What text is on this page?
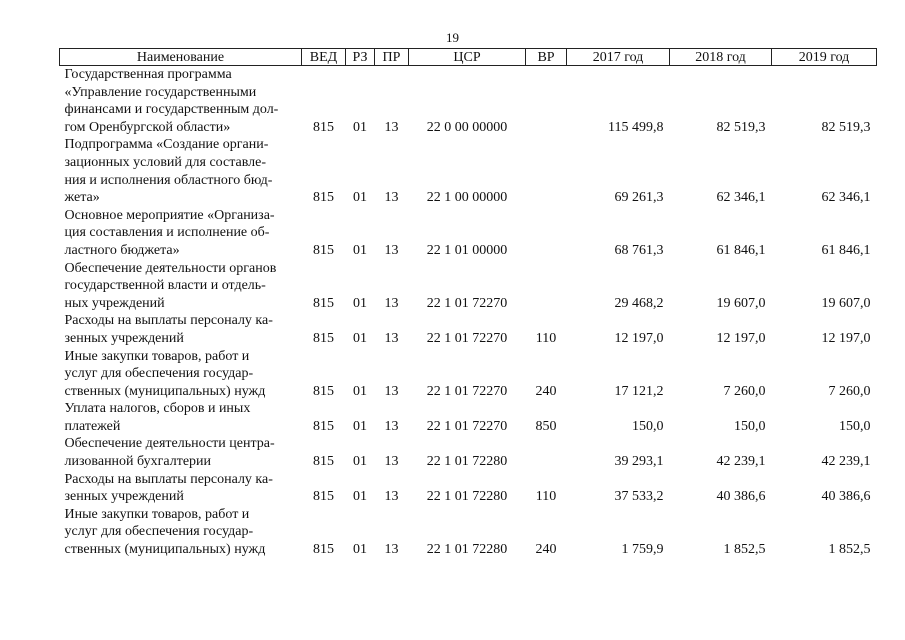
19
Наименование	ВЕД	РЗ	ПР	ЦСР	ВР	2017 год	2018 год	2019 год
Государственная программа
«Управление государственными
финансами и государственным дол-
гом Оренбургской области»	815	01	13	22 0 00 00000		115 499,8	82 519,3	82 519,3
Подпрограмма «Создание органи-
зационных условий для составле-
ния и исполнения областного бюд-
жета»	815	01	13	22 1 00 00000		69 261,3	62 346,1	62 346,1
Основное мероприятие «Организа-
ция составления и исполнение об-
ластного бюджета»	815	01	13	22 1 01 00000		68 761,3	61 846,1	61 846,1
Обеспечение деятельности органов
государственной власти и отдель-
ных учреждений	815	01	13	22 1 01 72270		29 468,2	19 607,0	19 607,0
Расходы на выплаты персоналу ка-
зенных учреждений	815	01	13	22 1 01 72270	110	12 197,0	12 197,0	12 197,0
Иные закупки товаров, работ и
услуг для обеспечения государ-
ственных (муниципальных) нужд	815	01	13	22 1 01 72270	240	17 121,2	7 260,0	7 260,0
Уплата налогов, сборов и иных
платежей	815	01	13	22 1 01 72270	850	150,0	150,0	150,0
Обеспечение деятельности центра-
лизованной бухгалтерии	815	01	13	22 1 01 72280		39 293,1	42 239,1	42 239,1
Расходы на выплаты персоналу ка-
зенных учреждений	815	01	13	22 1 01 72280	110	37 533,2	40 386,6	40 386,6
Иные закупки товаров, работ и
услуг для обеспечения государ-
ственных (муниципальных) нужд	815	01	13	22 1 01 72280	240	1 759,9	1 852,5	1 852,5
